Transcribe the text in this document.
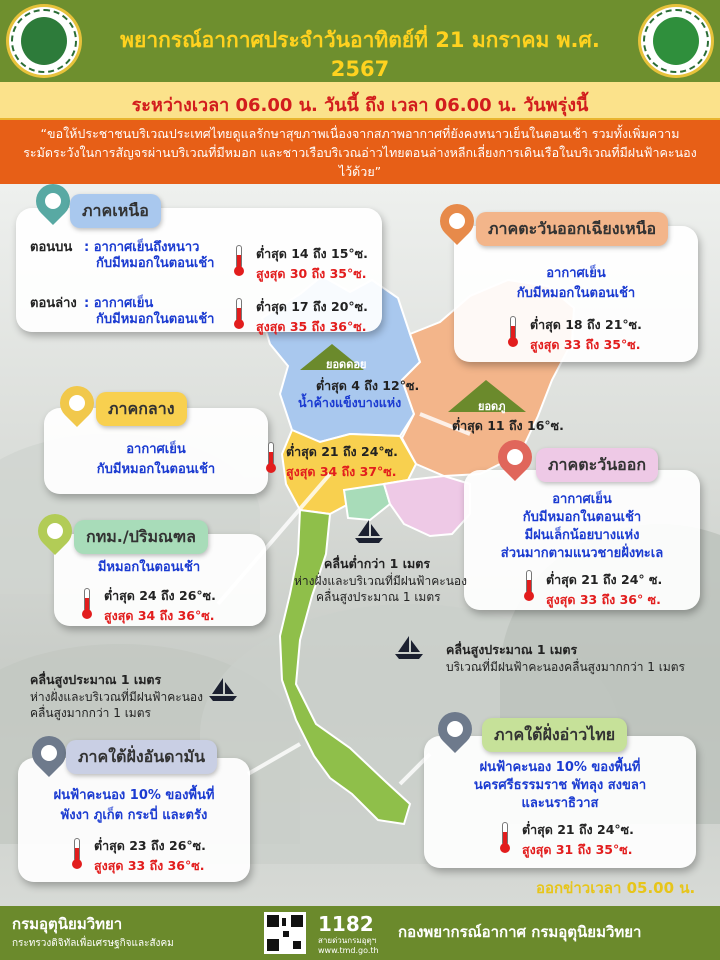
พยากรณ์อากาศประจำวันอาทิตย์ที่ 21 มกราคม พ.ศ. 2567
ระหว่างเวลา 06.00 น. วันนี้ ถึง เวลา 06.00 น. วันพรุ่งนี้
“ขอให้ประชาชนบริเวณประเทศไทยดูแลรักษาสุขภาพเนื่องจากสภาพอากาศที่ยังคงหนาวเย็นในตอนเช้า รวมทั้งเพิ่มความระมัดระวังในการสัญจรผ่านบริเวณที่มีหมอก และชาวเรือบริเวณอ่าวไทยตอนล่างหลีกเลี่ยงการเดินเรือในบริเวณที่มีฝนฟ้าคะนองไว้ด้วย”
ยอดดอย
ต่ำสุด 4 ถึง 12°ซ.
น้ำค้างแข็งบางแห่ง	ยอดภู
ต่ำสุด 11 ถึง 16°ซ.
ภาคเหนือ
ตอนบน : อากาศเย็นถึงหนาว
กับมีหมอกในตอนเช้า
ต่ำสุด 14 ถึง 15°ซ.
สูงสุด 30 ถึง 35°ซ.
ตอนล่าง : อากาศเย็น
กับมีหมอกในตอนเช้า
ต่ำสุด 17 ถึง 20°ซ.
สูงสุด 35 ถึง 36°ซ.
ภาคตะวันออกเฉียงเหนือ
อากาศเย็น
กับมีหมอกในตอนเช้า
ต่ำสุด 18 ถึง 21°ซ.
สูงสุด 33 ถึง 35°ซ.
ภาคกลาง
อากาศเย็น
กับมีหมอกในตอนเช้า
ต่ำสุด 21 ถึง 24°ซ.
สูงสุด 34 ถึง 37°ซ.	ภาคตะวันออก
อากาศเย็น
กับมีหมอกในตอนเช้า
มีฝนเล็กน้อยบางแห่ง
ส่วนมากตามแนวชายฝั่งทะเล
ต่ำสุด 21 ถึง 24° ซ.
สูงสุด 33 ถึง 36° ซ.
กทม./ปริมณฑล
มีหมอกในตอนเช้า
ต่ำสุด 24 ถึง 26°ซ.
สูงสุด 34 ถึง 36°ซ.
คลื่นต่ำกว่า 1 เมตร
ห่างฝั่งและบริเวณที่มีฝนฟ้าคะนอง
คลื่นสูงประมาณ 1 เมตร
คลื่นสูงประมาณ 1 เมตร
บริเวณที่มีฝนฟ้าคะนองคลื่นสูงมากกว่า 1 เมตร
คลื่นสูงประมาณ 1 เมตร
ห่างฝั่งและบริเวณที่มีฝนฟ้าคะนอง
คลื่นสูงมากกว่า 1 เมตร
ภาคใต้ฝั่งอันดามัน
ฝนฟ้าคะนอง 10% ของพื้นที่
พังงา ภูเก็ต กระบี่ และตรัง
ต่ำสุด 23 ถึง 26°ซ.
สูงสุด 33 ถึง 36°ซ.
ภาคใต้ฝั่งอ่าวไทย
ฝนฟ้าคะนอง 10% ของพื้นที่
นครศรีธรรมราช พัทลุง สงขลา
และนราธิวาส
ต่ำสุด 21 ถึง 24°ซ.
สูงสุด 31 ถึง 35°ซ.
ออกข่าวเวลา 05.00 น.
กรมอุตุนิยมวิทยา
กระทรวงดิจิทัลเพื่อเศรษฐกิจและสังคม
1182
สายด่วนกรมอุตุฯ
www.tmd.go.th
กองพยากรณ์อากาศ กรมอุตุนิยมวิทยา
